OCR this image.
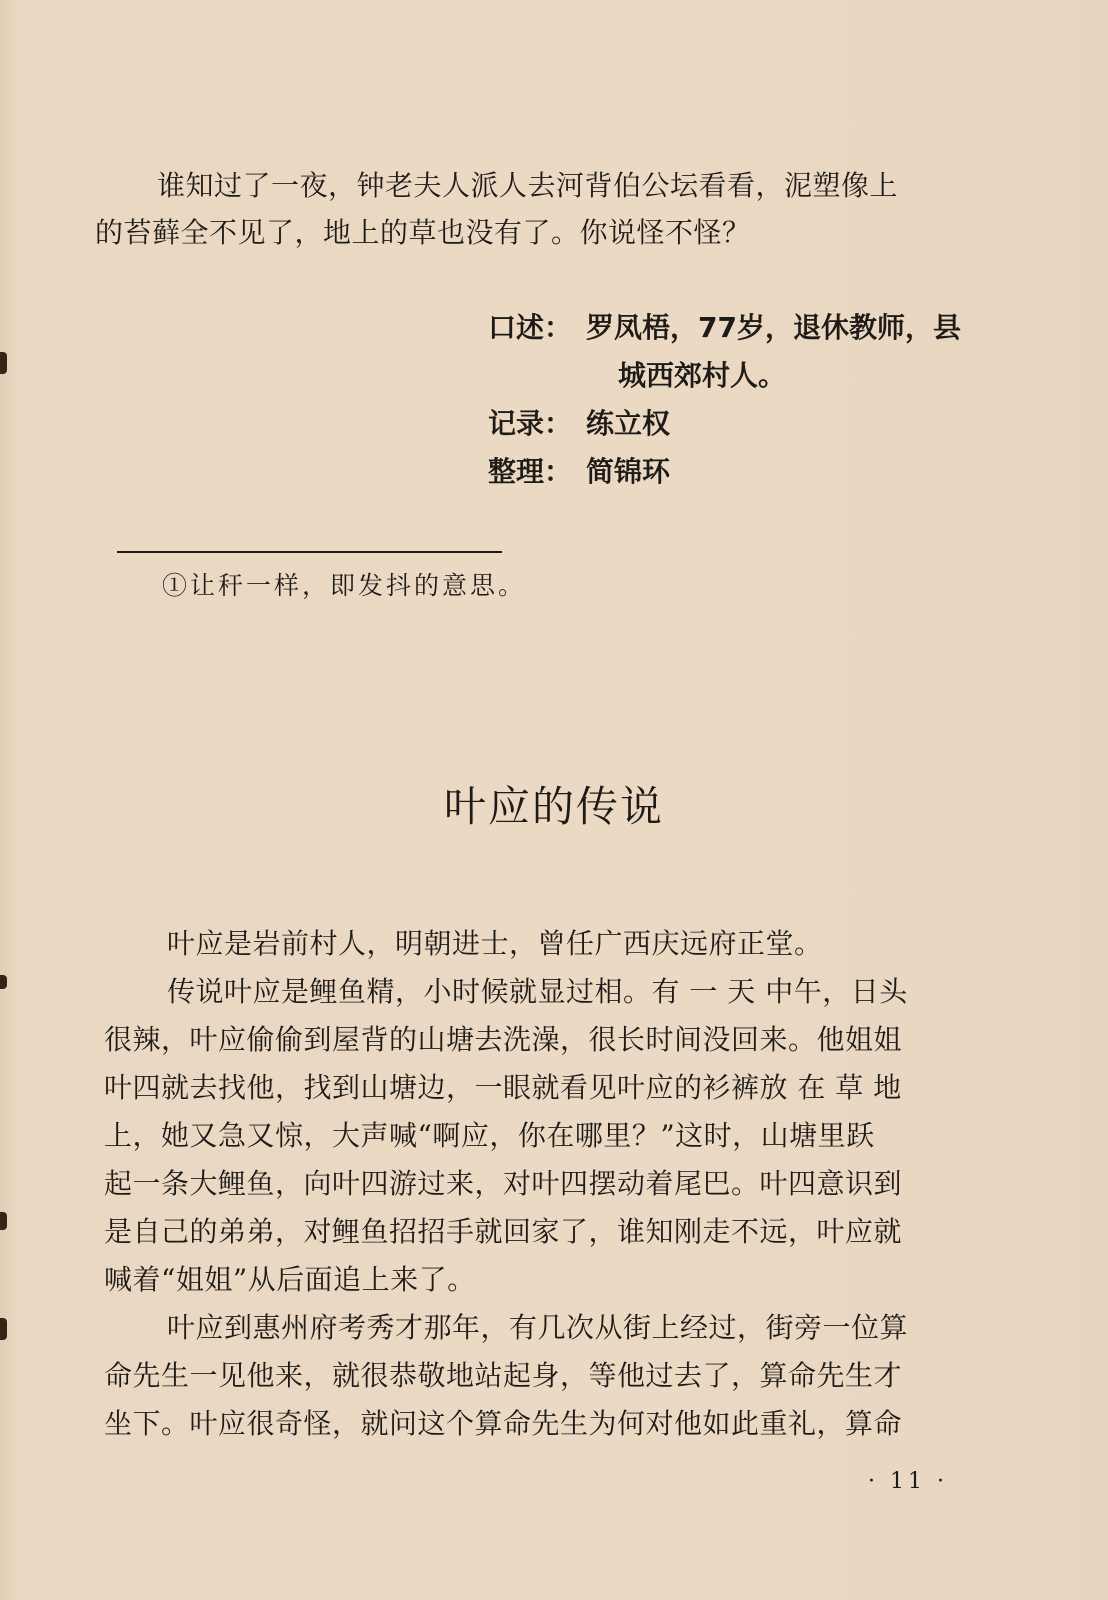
谁知过了一夜，钟老夫人派人去河背伯公坛看看，泥塑像上
的苔藓全不见了，地上的草也没有了。你说怪不怪？
口述： 罗凤梧，77岁，退休教师，县
城西郊村人。
记录： 练立权
整理： 简锦环
①让秆一样，即发抖的意思。
叶应的传说
叶应是岩前村人，明朝进士，曾任广西庆远府正堂。
传说叶应是鲤鱼精，小时候就显过相。有 一 天 中午，日头
很辣，叶应偷偷到屋背的山塘去洗澡，很长时间没回来。他姐姐
叶四就去找他，找到山塘边，一眼就看见叶应的衫裤放 在 草 地
上，她又急又惊，大声喊“啊应，你在哪里？”这时，山塘里跃
起一条大鲤鱼，向叶四游过来，对叶四摆动着尾巴。叶四意识到
是自己的弟弟，对鲤鱼招招手就回家了，谁知刚走不远，叶应就
喊着“姐姐”从后面追上来了。
叶应到惠州府考秀才那年，有几次从街上经过，街旁一位算
命先生一见他来，就很恭敬地站起身，等他过去了，算命先生才
坐下。叶应很奇怪，就问这个算命先生为何对他如此重礼，算命
· 11 ·
